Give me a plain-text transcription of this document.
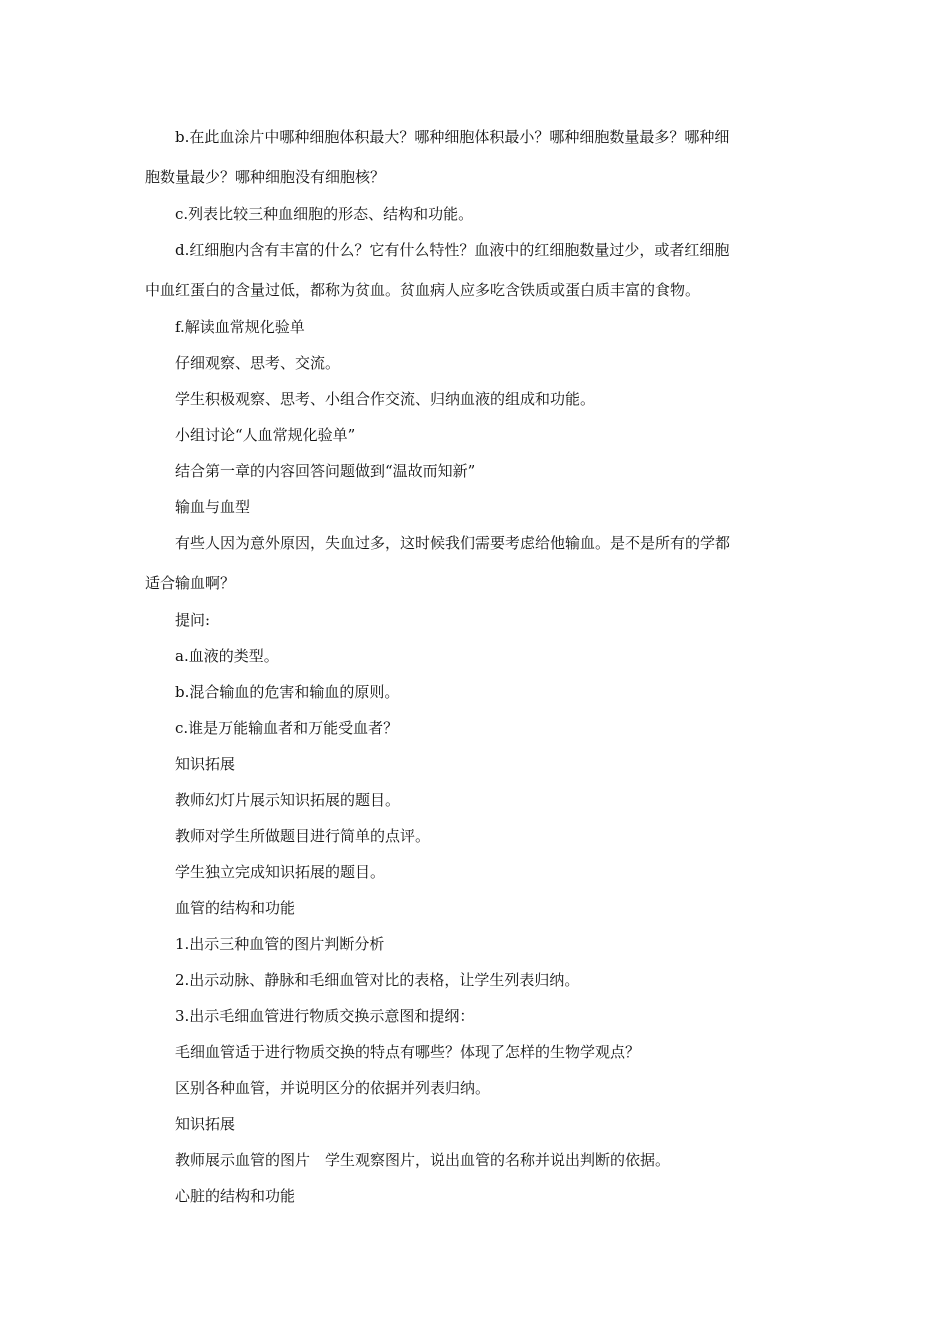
b.在此血涂片中哪种细胞体积最大？哪种细胞体积最小？哪种细胞数量最多？哪种细
胞数量最少？哪种细胞没有细胞核？
c.列表比较三种血细胞的形态、结构和功能。
d.红细胞内含有丰富的什么？它有什么特性？血液中的红细胞数量过少，或者红细胞
中血红蛋白的含量过低，都称为贫血。贫血病人应多吃含铁质或蛋白质丰富的食物。
f.解读血常规化验单
仔细观察、思考、交流。
学生积极观察、思考、小组合作交流、归纳血液的组成和功能。
小组讨论“人血常规化验单”
结合第一章的内容回答问题做到“温故而知新”
输血与血型
有些人因为意外原因，失血过多，这时候我们需要考虑给他输血。是不是所有的学都
适合输血啊？
提问:
a.血液的类型。
b.混合输血的危害和输血的原则。
c.谁是万能输血者和万能受血者？
知识拓展
教师幻灯片展示知识拓展的题目。
教师对学生所做题目进行简单的点评。
学生独立完成知识拓展的题目。
血管的结构和功能
1.出示三种血管的图片判断分析
2.出示动脉、静脉和毛细血管对比的表格，让学生列表归纳。
3.出示毛细血管进行物质交换示意图和提纲：
毛细血管适于进行物质交换的特点有哪些？体现了怎样的生物学观点？
区别各种血管，并说明区分的依据并列表归纳。
知识拓展
教师展示血管的图片　学生观察图片，说出血管的名称并说出判断的依据。
心脏的结构和功能
